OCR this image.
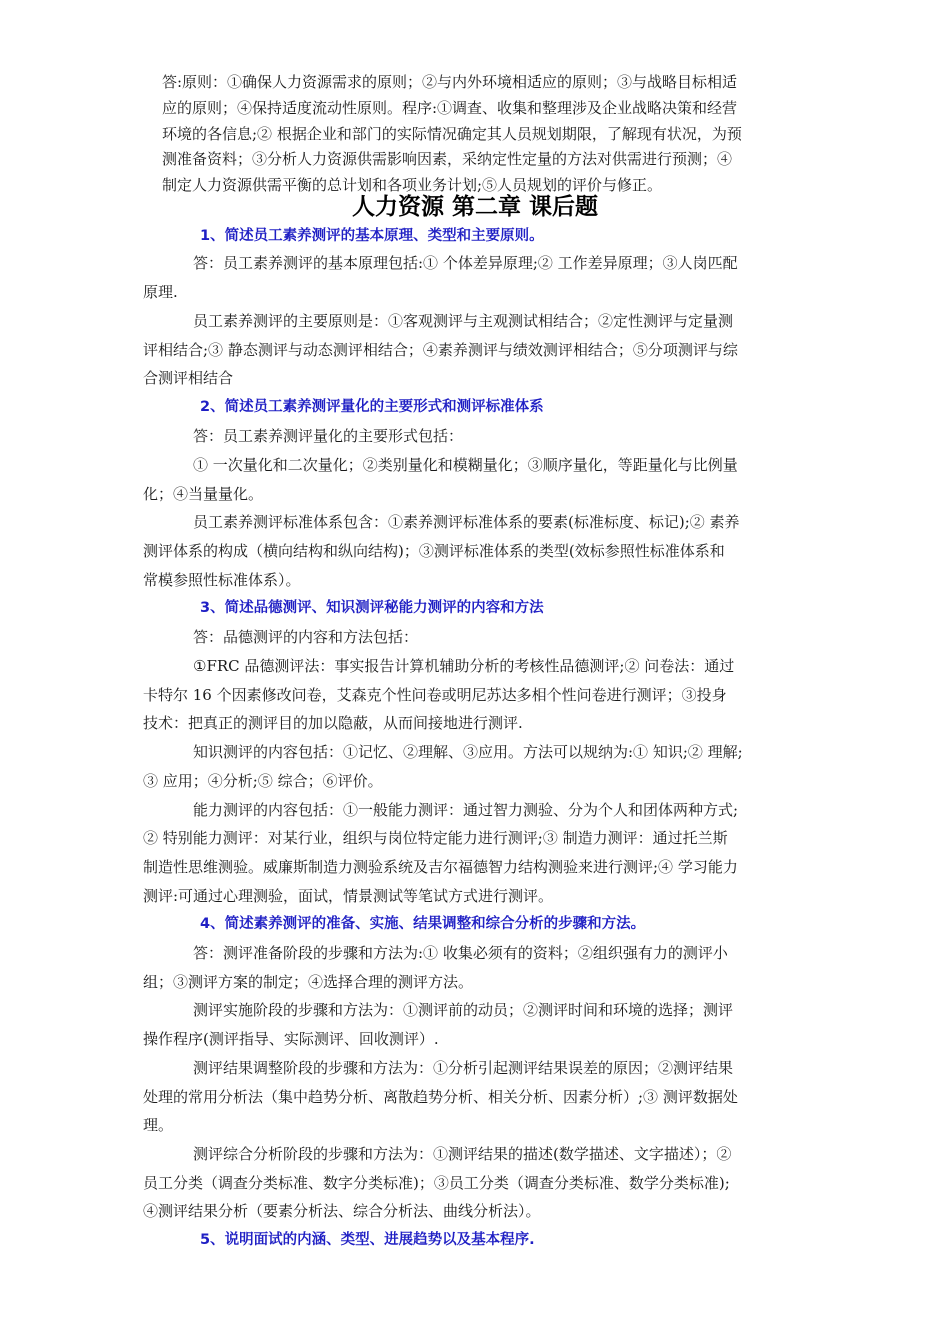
答:原则：①确保人力资源需求的原则；②与内外环境相适应的原则；③与战略目标相适
应的原则；④保持适度流动性原则。程序:①调查、收集和整理涉及企业战略决策和经营
环境的各信息;② 根据企业和部门的实际情况确定其人员规划期限，了解现有状况，为预
测准备资料；③分析人力资源供需影响因素，采纳定性定量的方法对供需进行预测；④
制定人力资源供需平衡的总计划和各项业务计划;⑤人员规划的评价与修正。
人力资源 第二章 课后题
1、简述员工素养测评的基本原理、类型和主要原则。
答：员工素养测评的基本原理包括:① 个体差异原理;② 工作差异原理；③人岗匹配
原理.
员工素养测评的主要原则是：①客观测评与主观测试相结合；②定性测评与定量测
评相结合;③ 静态测评与动态测评相结合；④素养测评与绩效测评相结合；⑤分项测评与综
合测评相结合
2、简述员工素养测评量化的主要形式和测评标准体系
答：员工素养测评量化的主要形式包括：
① 一次量化和二次量化；②类别量化和模糊量化；③顺序量化，等距量化与比例量
化；④当量量化。
员工素养测评标准体系包含：①素养测评标准体系的要素(标准标度、标记);② 素养
测评体系的构成（横向结构和纵向结构)；③测评标准体系的类型(效标参照性标准体系和
常模参照性标准体系）。
3、简述品德测评、知识测评秘能力测评的内容和方法
答：品德测评的内容和方法包括：
①FRC 品德测评法：事实报告计算机辅助分析的考核性品德测评;② 问卷法：通过
卡特尔 16 个因素修改问卷，艾森克个性问卷或明尼苏达多相个性问卷进行测评；③投身
技术：把真正的测评目的加以隐蔽，从而间接地进行测评.
知识测评的内容包括：①记忆、②理解、③应用。方法可以规纳为:① 知识;② 理解;
③ 应用；④分析;⑤ 综合；⑥评价。
能力测评的内容包括：①一般能力测评：通过智力测验、分为个人和团体两种方式;
② 特别能力测评：对某行业，组织与岗位特定能力进行测评;③ 制造力测评：通过托兰斯
制造性思维测验。威廉斯制造力测验系统及吉尔福德智力结构测验来进行测评;④ 学习能力
测评:可通过心理测验，面试，情景测试等笔试方式进行测评。
4、简述素养测评的准备、实施、结果调整和综合分析的步骤和方法。
答：测评准备阶段的步骤和方法为:① 收集必须有的资料；②组织强有力的测评小
组；③测评方案的制定；④选择合理的测评方法。
测评实施阶段的步骤和方法为：①测评前的动员；②测评时间和环境的选择；测评
操作程序(测评指导、实际测评、回收测评）.
测评结果调整阶段的步骤和方法为：①分析引起测评结果误差的原因；②测评结果
处理的常用分析法（集中趋势分析、离散趋势分析、相关分析、因素分析）;③ 测评数据处
理。
测评综合分析阶段的步骤和方法为：①测评结果的描述(数学描述、文字描述）；②
员工分类（调查分类标准、数字分类标准)；③员工分类（调查分类标准、数学分类标准);
④测评结果分析（要素分析法、综合分析法、曲线分析法）。
5、说明面试的内涵、类型、进展趋势以及基本程序.
